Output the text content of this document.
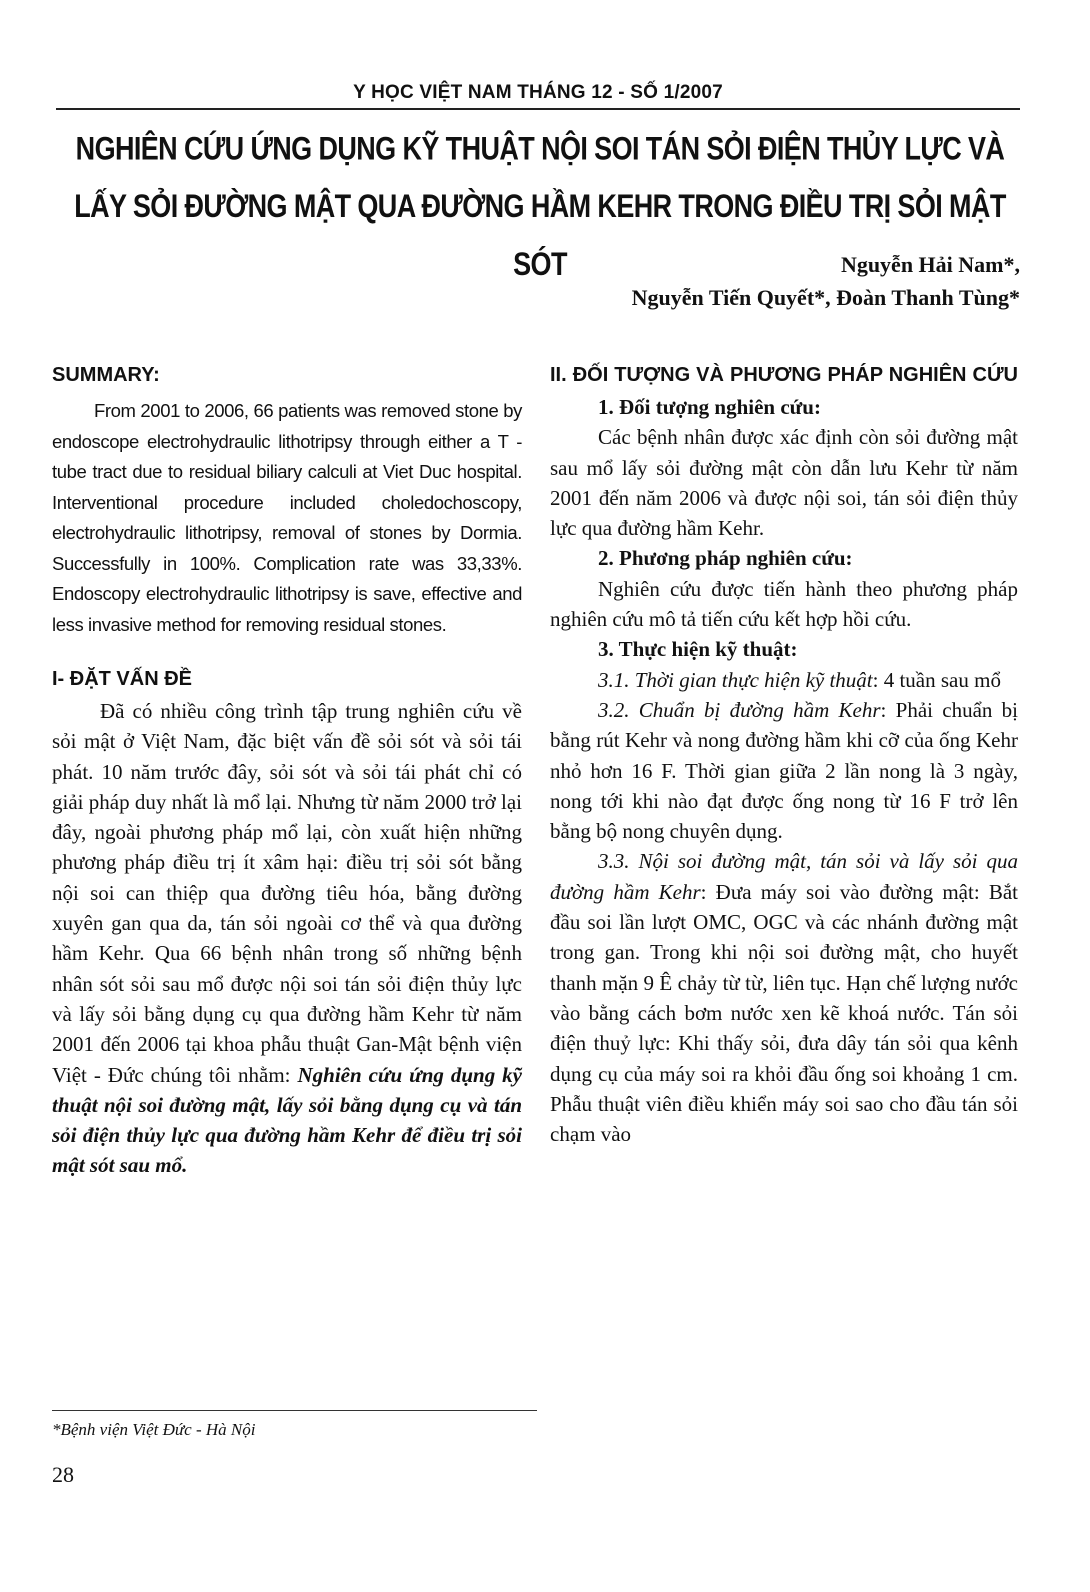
Y HỌC VIỆT NAM THÁNG 12 - SỐ 1/2007
NGHIÊN CỨU ỨNG DỤNG KỸ THUẬT NỘI SOI TÁN SỎI ĐIỆN THỦY LỰC VÀ
LẤY SỎI ĐƯỜNG MẬT QUA ĐƯỜNG HẦM KEHR TRONG ĐIỀU TRỊ SỎI MẬT SÓT	Nguyễn Hải Nam*,
Nguyễn Tiến Quyết*, Đoàn Thanh Tùng*
SUMMARY:

From 2001 to 2006, 66 patients was removed stone by endoscope electrohydraulic lithotripsy through either a T - tube tract due to residual biliary calculi at Viet Duc hospital. Interventional procedure included choledochoscopy, electrohydraulic lithotripsy, removal of stones by Dormia. Successfully in 100%. Complication rate was 33,33%. Endoscopy electrohydraulic lithotripsy is save, effective and less invasive method for removing residual stones.

I- ĐẶT VẤN ĐỀ

Đã có nhiều công trình tập trung nghiên cứu về sỏi mật ở Việt Nam, đặc biệt vấn đề sỏi sót và sỏi tái phát. 10 năm trước đây, sỏi sót và sỏi tái phát chỉ có giải pháp duy nhất là mổ lại. Nhưng từ năm 2000 trở lại đây, ngoài phương pháp mổ lại, còn xuất hiện những phương pháp điều trị ít xâm hại: điều trị sỏi sót bằng nội soi can thiệp qua đường tiêu hóa, bằng đường xuyên gan qua da, tán sỏi ngoài cơ thể và qua đường hầm Kehr. Qua 66 bệnh nhân trong số những bệnh nhân sót sỏi sau mổ được nội soi tán sỏi điện thủy lực và lấy sỏi bằng dụng cụ qua đường hầm Kehr từ năm 2001 đến 2006 tại khoa phẫu thuật Gan-Mật bệnh viện Việt - Đức chúng tôi nhằm: Nghiên cứu ứng dụng kỹ thuật nội soi đường mật, lấy sỏi bằng dụng cụ và tán sỏi điện thủy lực qua đường hầm Kehr để điều trị sỏi mật sót sau mổ.

II. ĐỐI TƯỢNG VÀ PHƯƠNG PHÁP NGHIÊN CỨU

1. Đối tượng nghiên cứu:

Các bệnh nhân được xác định còn sỏi đường mật sau mổ lấy sỏi đường mật còn dẫn lưu Kehr từ năm 2001 đến năm 2006 và được nội soi, tán sỏi điện thủy lực qua đường hầm Kehr.

2. Phương pháp nghiên cứu:

Nghiên cứu được tiến hành theo phương pháp nghiên cứu mô tả tiến cứu kết hợp hồi cứu.

3. Thực hiện kỹ thuật:

3.1. Thời gian thực hiện kỹ thuật: 4 tuần sau mổ

3.2. Chuẩn bị đường hầm Kehr: Phải chuẩn bị bằng rút Kehr và nong đường hầm khi cỡ của ống Kehr nhỏ hơn 16 F. Thời gian giữa 2 lần nong là 3 ngày, nong tới khi nào đạt được ống nong từ 16 F trở lên bằng bộ nong chuyên dụng.

3.3. Nội soi đường mật, tán sỏi và lấy sỏi qua đường hầm Kehr: Đưa máy soi vào đường mật: Bắt đầu soi lần lượt OMC, OGC và các nhánh đường mật trong gan. Trong khi nội soi đường mật, cho huyết thanh mặn 9 Ê chảy từ từ, liên tục. Hạn chế lượng nước vào bằng cách bơm nước xen kẽ khoá nước. Tán sỏi điện thuỷ lực: Khi thấy sỏi, đưa dây tán sỏi qua kênh dụng cụ của máy soi ra khỏi đầu ống soi khoảng 1 cm. Phẫu thuật viên điều khiển máy soi sao cho đầu tán sỏi chạm vào

*Bệnh viện Việt Đức - Hà Nội
28
